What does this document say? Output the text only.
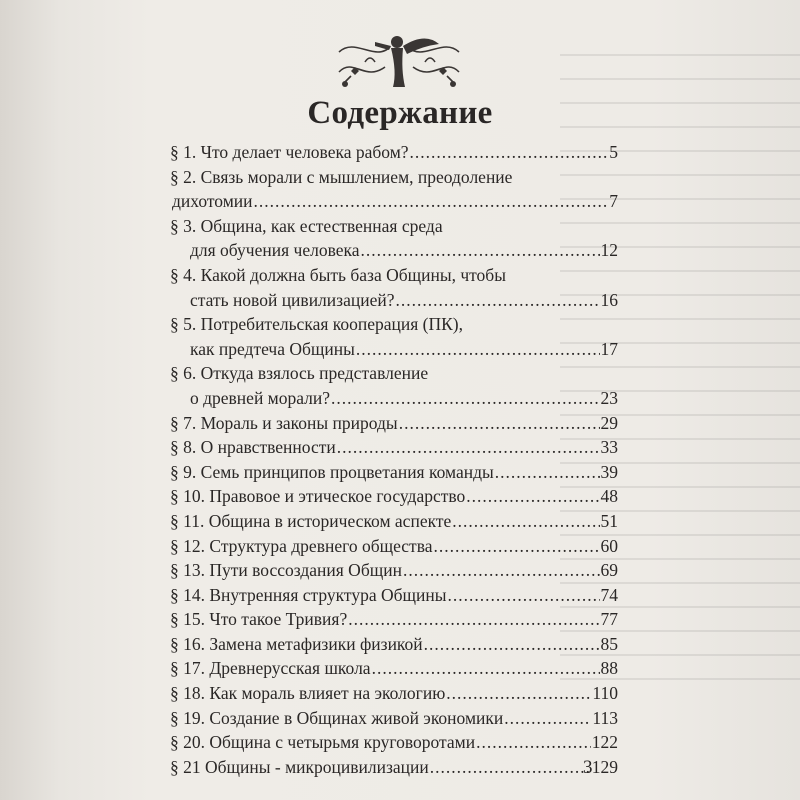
Содержание
§ 1. Что делает человека рабом? .....	5
§ 2. Связь морали с мышлением, преодоление
дихотомии .....	7
§ 3. Община, как естественная среда
для обучения человека .....	12
§ 4. Какой должна быть база Общины, чтобы
стать новой цивилизацией? .....	16
§ 5. Потребительская кооперация (ПК),
как предтеча Общины .....	17
§ 6. Откуда взялось представление
о древней морали? .....	23
§ 7. Мораль и законы природы .....	29
§ 8. О нравственности .....	33
§ 9. Семь принципов процветания команды .....	39
§ 10. Правовое и этическое государство .....	48
§ 11. Община в историческом аспекте .....	51
§ 12. Структура древнего общества .....	60
§ 13. Пути воссоздания Общин .....	69
§ 14. Внутренняя структура Общины .....	74
§ 15. Что такое Тривия? .....	77
§ 16. Замена метафизики физикой .....	85
§ 17. Древнерусская школа .....	88
§ 18. Как мораль влияет на экологию .....	110
§ 19. Создание в Общинах живой экономики .....	113
§ 20. Община с четырьмя круговоротами .....	122
§ 21 Общины - микроцивилизации .....	129
3
